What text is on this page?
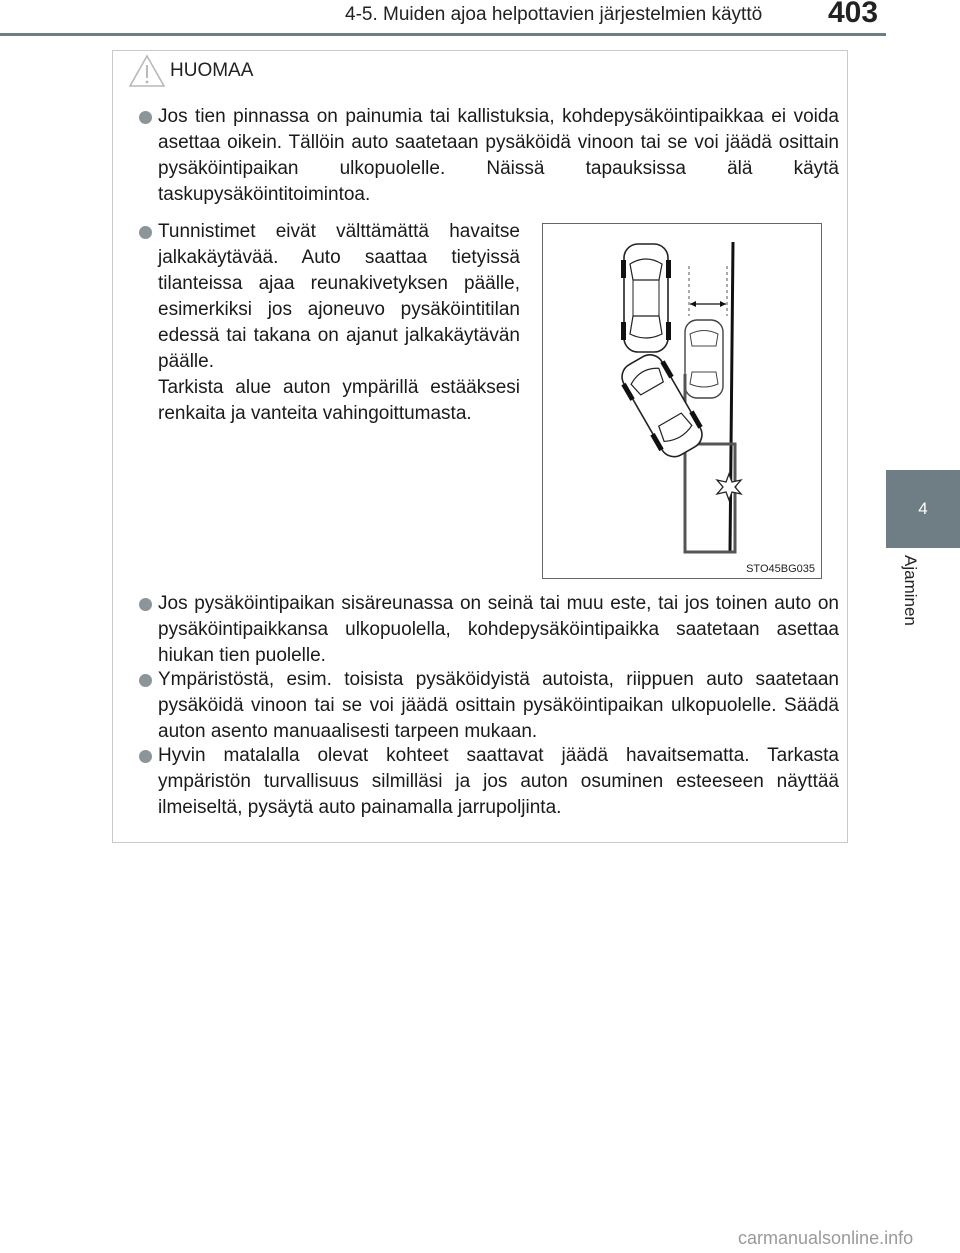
4-5. Muiden ajoa helpottavien järjestelmien käyttö 403
4
Ajaminen
HUOMAA
Jos tien pinnassa on painumia tai kallistuksia, kohdepysäköintipaikkaa ei voida asettaa oikein. Tällöin auto saatetaan pysäköidä vinoon tai se voi jäädä osittain pysäköintipaikan ulkopuolelle. Näissä tapauksissa älä käytä taskupysäköintitoimintoa.
Tunnistimet eivät välttämättä havaitse jalkakäytävää. Auto saattaa tietyissä tilanteissa ajaa reunakivetyksen päälle, esimerkiksi jos ajoneuvo pysäköintitilan edessä tai takana on ajanut jalkakäytävän päälle.
Tarkista alue auton ympärillä estääksesi renkaita ja vanteita vahingoittumasta.
STO45BG035
Jos pysäköintipaikan sisäreunassa on seinä tai muu este, tai jos toinen auto on pysäköintipaikkansa ulkopuolella, kohdepysäköintipaikka saatetaan asettaa hiukan tien puolelle.
Ympäristöstä, esim. toisista pysäköidyistä autoista, riippuen auto saatetaan pysäköidä vinoon tai se voi jäädä osittain pysäköintipaikan ulkopuolelle. Säädä auton asento manuaalisesti tarpeen mukaan.
Hyvin matalalla olevat kohteet saattavat jäädä havaitsematta. Tarkasta ympäristön turvallisuus silmilläsi ja jos auton osuminen esteeseen näyttää ilmeiseltä, pysäytä auto painamalla jarrupoljinta.
carmanualsonline.info
